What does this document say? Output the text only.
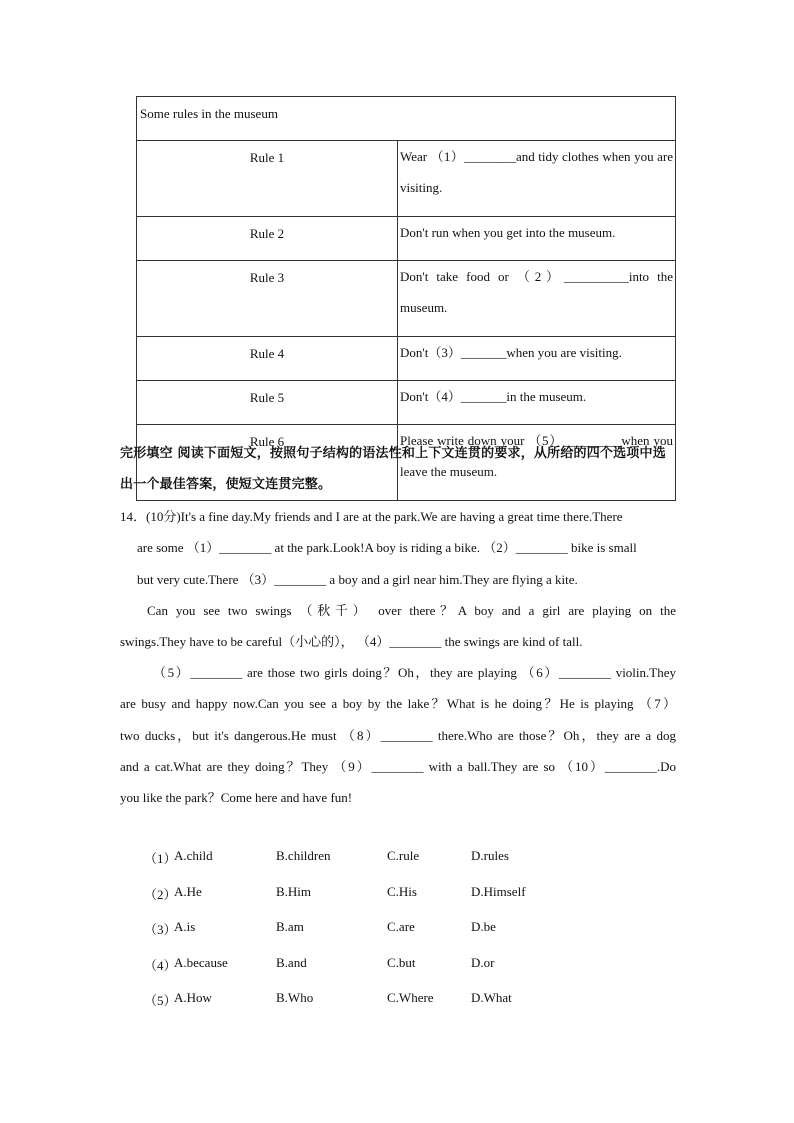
Some rules in the museum	
Rule 1	Wear （1）________and tidy clothes when you are visiting.

Rule 2	Don't run when you get into the museum.

Rule 3	Don't take food or （2）__________into the museum.

Rule 4	Don't（3）_______when you are visiting.

Rule 5	Don't（4）_______in the museum.

Rule 6	Please write down your （5）_________when you leave the museum.
完形填空 阅读下面短文，按照句子结构的语法性和上下文连贯的要求，从所给的四个选项中选出一个最佳答案，使短文连贯完整。
14．(10分)It's a fine day.My friends and I are at the park.We are having a great time there.There
are some （1）________ at the park.Look!A boy is riding a bike. （2）________ bike is small
but very cute.There （3）________ a boy and a girl near him.They are flying a kite.
Can you see two swings （秋千） over there？A boy and a girl are playing on the
swings.They have to be careful（小心的）， （4）________ the swings are kind of tall.
（5）________ are those two girls doing？Oh，they are playing （6）________ violin.They
are busy and happy now.Can you see a boy by the lake？What is he doing？He is playing （7）
two ducks，but it's dangerous.He must （8）________ there.Who are those？Oh，they are a dog
and a cat.What are they doing？They （9）________ with a ball.They are so （10）________.Do
you like the park？Come here and have fun!
（1）
A.child	B.children	C.rule	D.rules
（2）
A.He	B.Him	C.His	D.Himself
（3）
A.is	B.am	C.are	D.be
（4）
A.because	B.and	C.but	D.or
（5）
A.How	B.Who	C.Where	D.What
